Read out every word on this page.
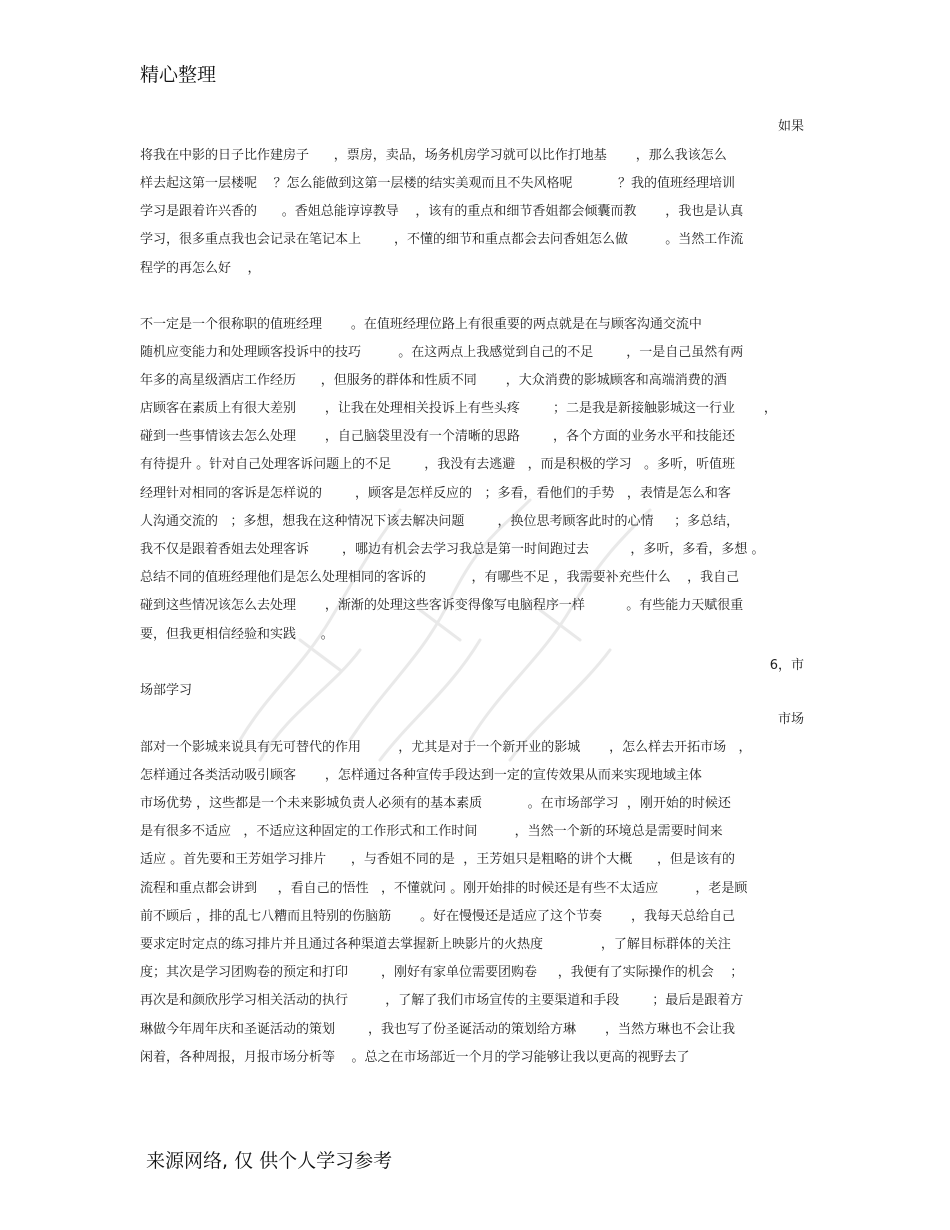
精心整理
如果
将我在中影的日子比作建房子      ，票房，卖品，场务机房学习就可以比作打地基       ，那么我该怎么
样去起这第一层楼呢    ？怎么能做到这第一层楼的结实美观而且不失风格呢           ？我的值班经理培训
学习是跟着许兴香的      。香姐总能谆谆教导    ，该有的重点和细节香姐都会倾囊而教       ，我也是认真
学习，很多重点我也会记录在笔记本上        ，不懂的细节和重点都会去问香姐怎么做         。当然工作流
程学的再怎么好    ，
不一定是一个很称职的值班经理       。在值班经理位路上有很重要的两点就是在与顾客沟通交流中
随机应变能力和处理顾客投诉中的技巧         。在这两点上我感觉到自己的不足        ，一是自己虽然有两
年多的高星级酒店工作经历      ，但服务的群体和性质不同       ，大众消费的影城顾客和高端消费的酒
店顾客在素质上有很大差别       ，让我在处理相关投诉上有些头疼        ；二是我是新接触影城这一行业       ，
碰到一些事情该去怎么处理       ，自己脑袋里没有一个清晰的思路        ，各个方面的业务水平和技能还
有待提升 。针对自己处理客诉问题上的不足        ，我没有去逃避   ，而是积极的学习   。多听，听值班
经理针对相同的客诉是怎样说的        ，顾客是怎样反应的   ；多看，看他们的手势   ，表情是怎么和客
人沟通交流的   ；多想，想我在这种情况下该去解决问题        ，换位思考顾客此时的心情     ；多总结，
我不仅是跟着香姐去处理客诉        ，哪边有机会去学习我总是第一时间跑过去          ，多听，多看，多想 。
总结不同的值班经理他们是怎么处理相同的客诉的           ，有哪些不足 ，我需要补充些什么    ，我自己
碰到这些情况该怎么去处理       ，渐渐的处理这些客诉变得像写电脑程序一样          。有些能力天赋很重
要，但我更相信经验和实践      。
6，市
场部学习
市场
部对一个影城来说具有无可替代的作用         ，尤其是对于一个新开业的影城       ，怎么样去开拓市场   ，
怎样通过各类活动吸引顾客       ，怎样通过各种宣传手段达到一定的宣传效果从而来实现地域主体
市场优势 ，这些都是一个未来影城负责人必须有的基本素质           。在市场部学习  ，刚开始的时候还
是有很多不适应   ，不适应这种固定的工作形式和工作时间         ，当然一个新的环境总是需要时间来
适应 。首先要和王芳姐学习排片      ，与香姐不同的是  ，王芳姐只是粗略的讲个大概      ，但是该有的
流程和重点都会讲到     ，看自己的悟性   ，不懂就问 。刚开始排的时候还是有些不太适应         ，老是顾
前不顾后 ，排的乱七八糟而且特别的伤脑筋       。好在慢慢还是适应了这个节奏       ，我每天总给自己
要求定时定点的练习排片并且通过各种渠道去掌握新上映影片的火热度              ，了解目标群体的关注
度；其次是学习团购卷的预定和打印        ，刚好有家单位需要团购卷     ，我便有了实际操作的机会    ；
再次是和颜欣彤学习相关活动的执行         ，了解了我们市场宣传的主要渠道和手段        ；最后是跟着方
琳做今年周年庆和圣诞活动的策划        ，我也写了份圣诞活动的策划给方琳       ，当然方琳也不会让我
闲着，各种周报，月报市场分析等    。总之在市场部近一个月的学习能够让我以更高的视野去了
来源网络, 仅 供个人学习参考
